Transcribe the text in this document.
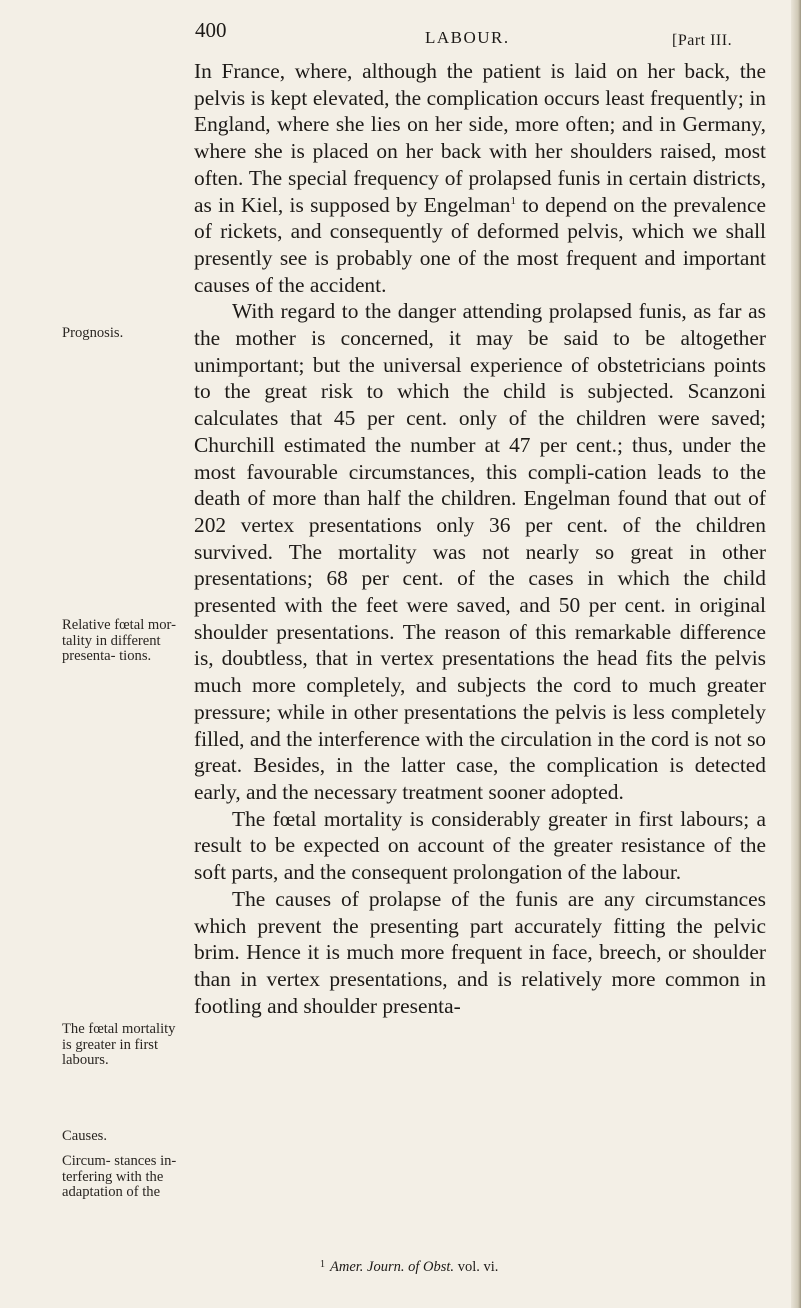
400	LABOUR.	[Part III.

In France, where, although the patient is laid on her back, the pelvis is kept elevated, the complication occurs least frequently; in England, where she lies on her side, more often; and in Germany, where she is placed on her back with her shoulders raised, most often. The special frequency of prolapsed funis in certain districts, as in Kiel, is supposed by Engelman$^1$ to depend on the prevalence of rickets, and consequently of deformed pelvis, which we shall presently see is probably one of the most frequent and important causes of the accident.

With regard to the danger attending prolapsed funis, as far as the mother is concerned, it may be said to be altogether unimportant; but the universal experience of obstetricians points to the great risk to which the child is subjected. Scanzoni calculates that 45 per cent. only of the children were saved; Churchill estimated the number at 47 per cent.; thus, under the most favourable circumstances, this compli-cation leads to the death of more than half the children. Engelman found that out of 202 vertex presentations only 36 per cent. of the children survived. The mortality was not nearly so great in other presentations; 68 per cent. of the cases in which the child presented with the feet were saved, and 50 per cent. in original shoulder presentations. The reason of this remarkable difference is, doubtless, that in vertex presentations the head fits the pelvis much more completely, and subjects the cord to much greater pressure; while in other presentations the pelvis is less completely filled, and the interference with the circulation in the cord is not so great. Besides, in the latter case, the complication is detected early, and the necessary treatment sooner adopted.

The fœtal mortality is considerably greater in first labours; a result to be expected on account of the greater resistance of the soft parts, and the consequent prolongation of the labour.

The causes of prolapse of the funis are any circumstances which prevent the presenting part accurately fitting the pelvic brim. Hence it is much more frequent in face, breech, or shoulder than in vertex presentations, and is relatively more common in footling and shoulder presenta-

Prognosis.
Relative fœtal mor- tality in different presenta- tions.
The fœtal mortality is greater in first labours.
Causes.
Circum- stances in- terfering with the adaptation of the
$^1$ Amer. Journ. of Obst. vol. vi.
